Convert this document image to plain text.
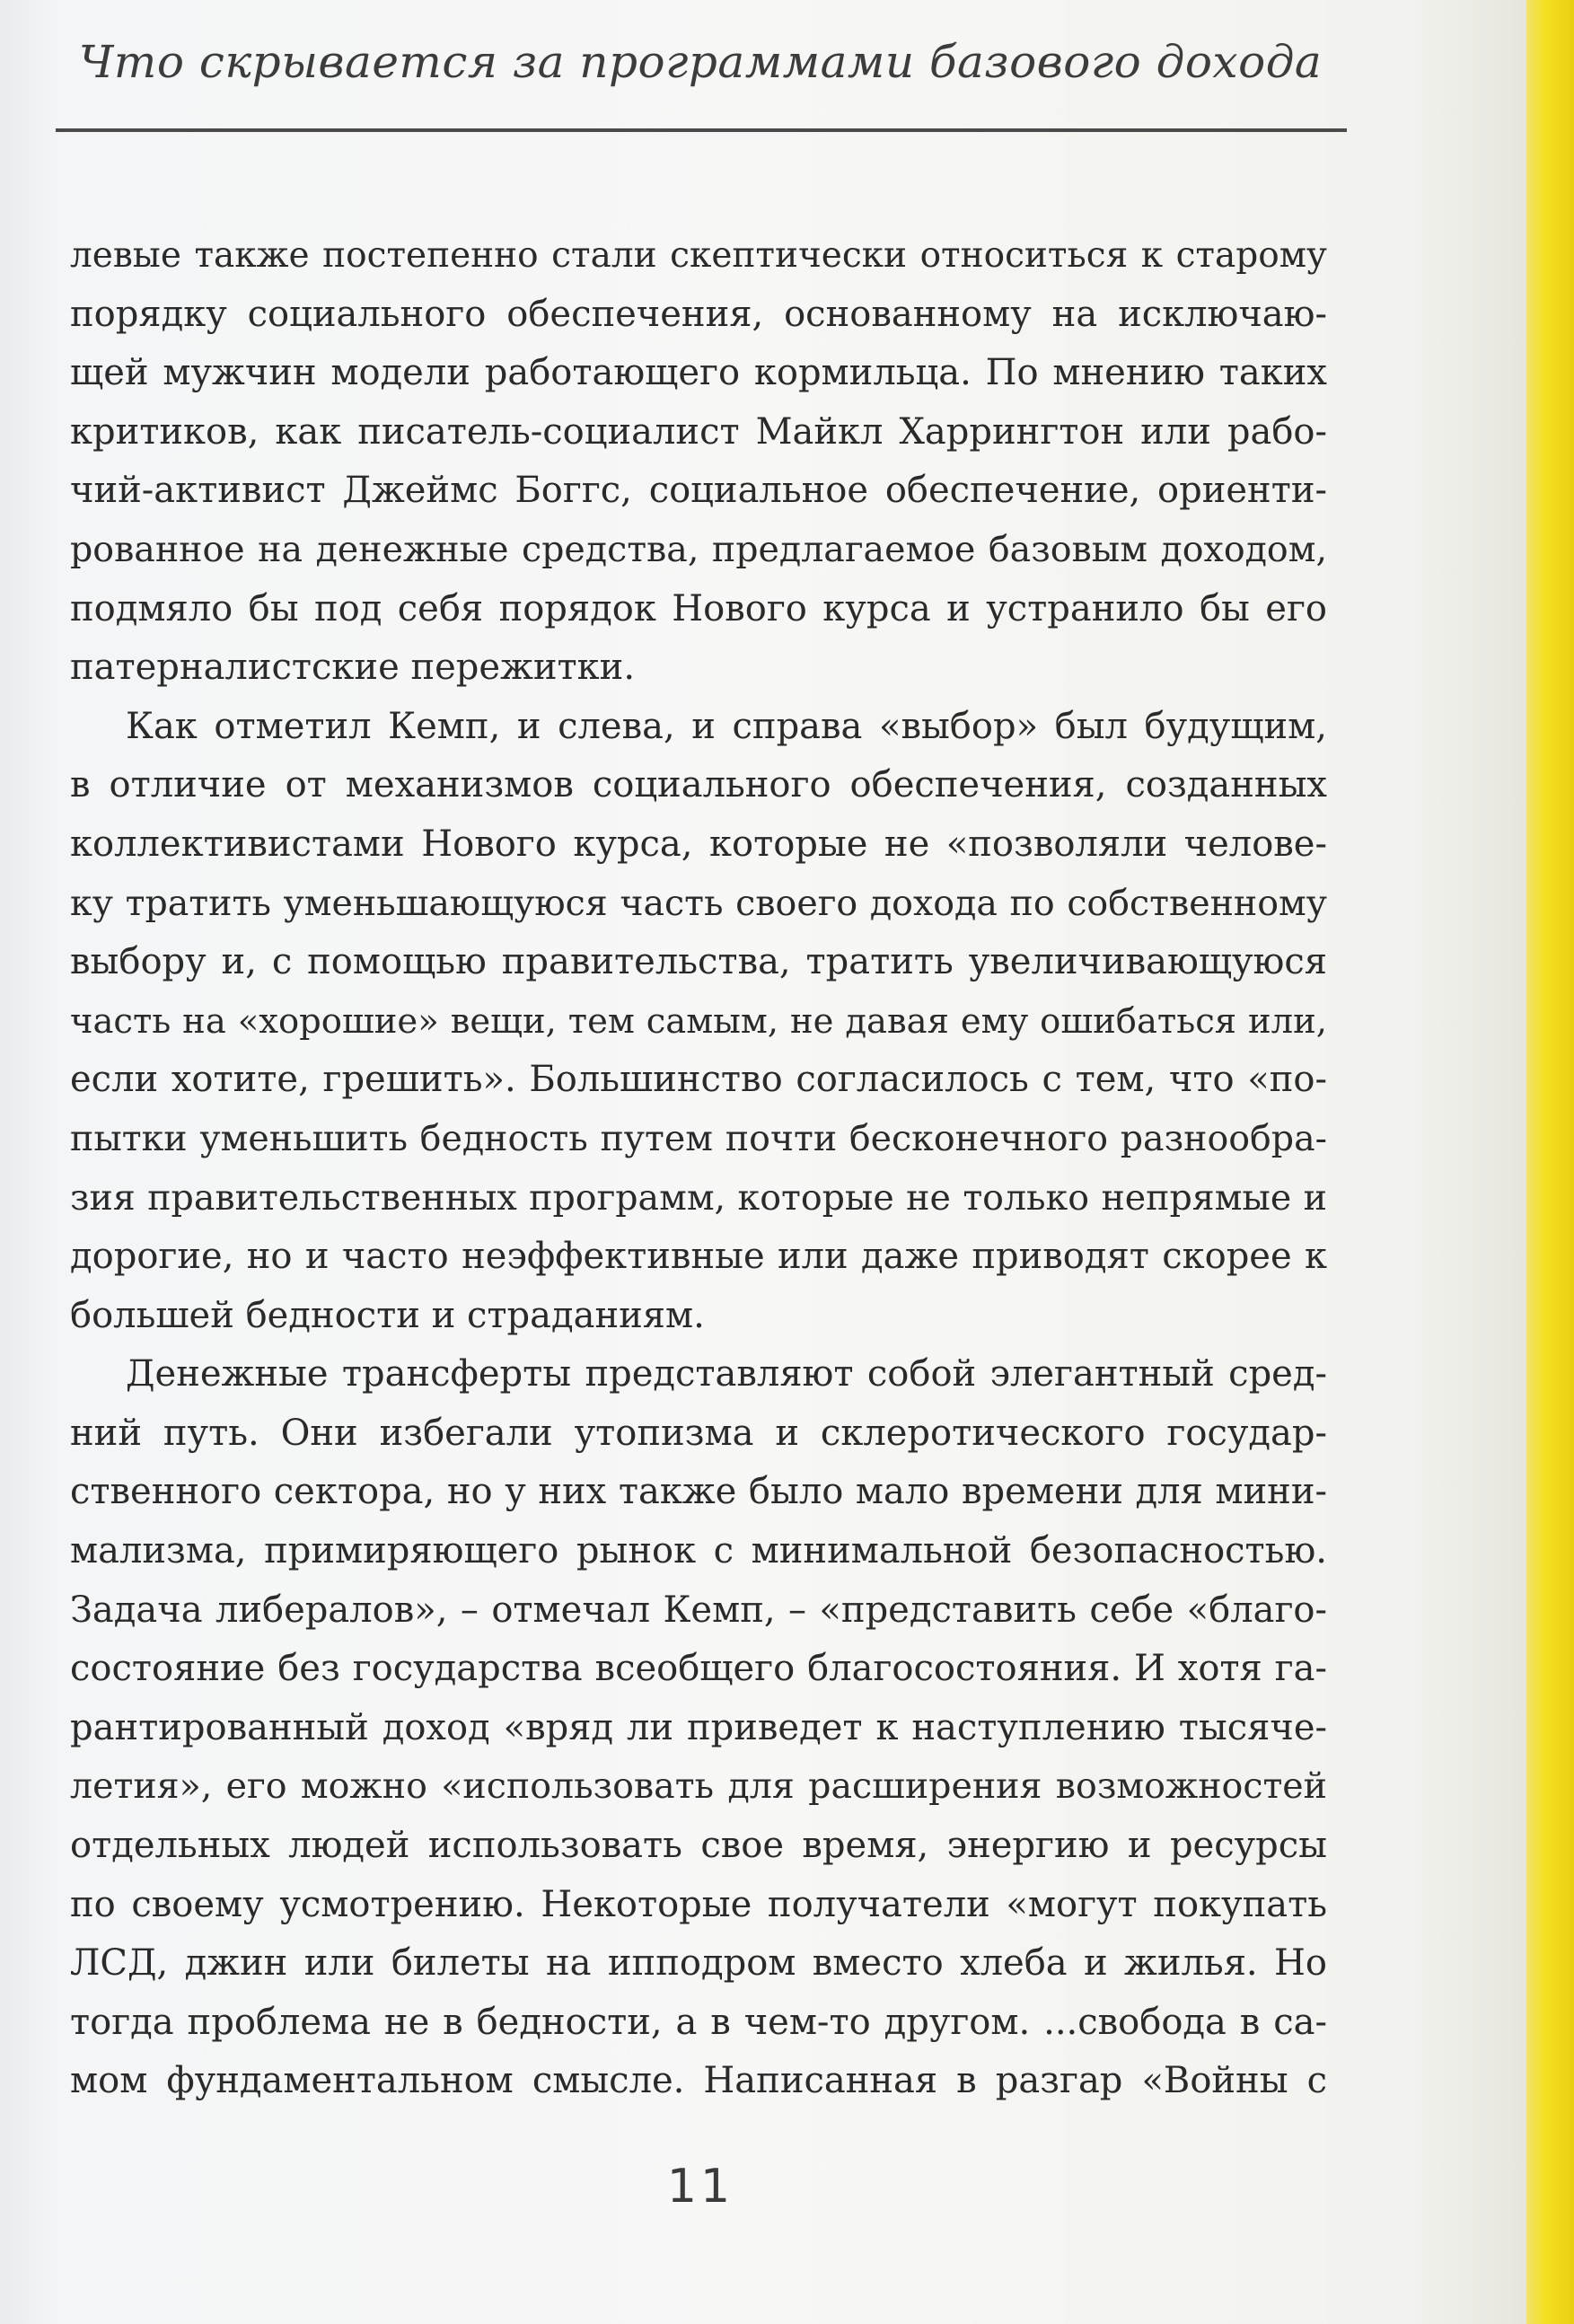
Что скрывается за программами базового дохода
левые также постепенно стали скептически относиться к старому
порядку социального обеспечения, основанному на исключаю-
щей мужчин модели работающего кормильца. По мнению таких
критиков, как писатель-социалист Майкл Харрингтон или рабо-
чий-активист Джеймс Боггс, социальное обеспечение, ориенти-
рованное на денежные средства, предлагаемое базовым доходом,
подмяло бы под себя порядок Нового курса и устранило бы его
патерналистские пережитки.
Как отметил Кемп, и слева, и справа «выбор» был будущим,
в отличие от механизмов социального обеспечения, созданных
коллективистами Нового курса, которые не «позволяли челове-
ку тратить уменьшающуюся часть своего дохода по собственному
выбору и, с помощью правительства, тратить увеличивающуюся
часть на «хорошие» вещи, тем самым, не давая ему ошибаться или,
если хотите, грешить». Большинство согласилось с тем, что «по-
пытки уменьшить бедность путем почти бесконечного разнообра-
зия правительственных программ, которые не только непрямые и
дорогие, но и часто неэффективные или даже приводят скорее к
большей бедности и страданиям.
Денежные трансферты представляют собой элегантный сред-
ний путь. Они избегали утопизма и склеротического государ-
ственного сектора, но у них также было мало времени для мини-
мализма, примиряющего рынок с минимальной безопасностью.
Задача либералов», – отмечал Кемп, – «представить себе «благо-
состояние без государства всеобщего благосостояния. И хотя га-
рантированный доход «вряд ли приведет к наступлению тысяче-
летия», его можно «использовать для расширения возможностей
отдельных людей использовать свое время, энергию и ресурсы
по своему усмотрению. Некоторые получатели «могут покупать
ЛСД, джин или билеты на ипподром вместо хлеба и жилья. Но
тогда проблема не в бедности, а в чем-то другом. ...свобода в са-
мом фундаментальном смысле. Написанная в разгар «Войны с
11
